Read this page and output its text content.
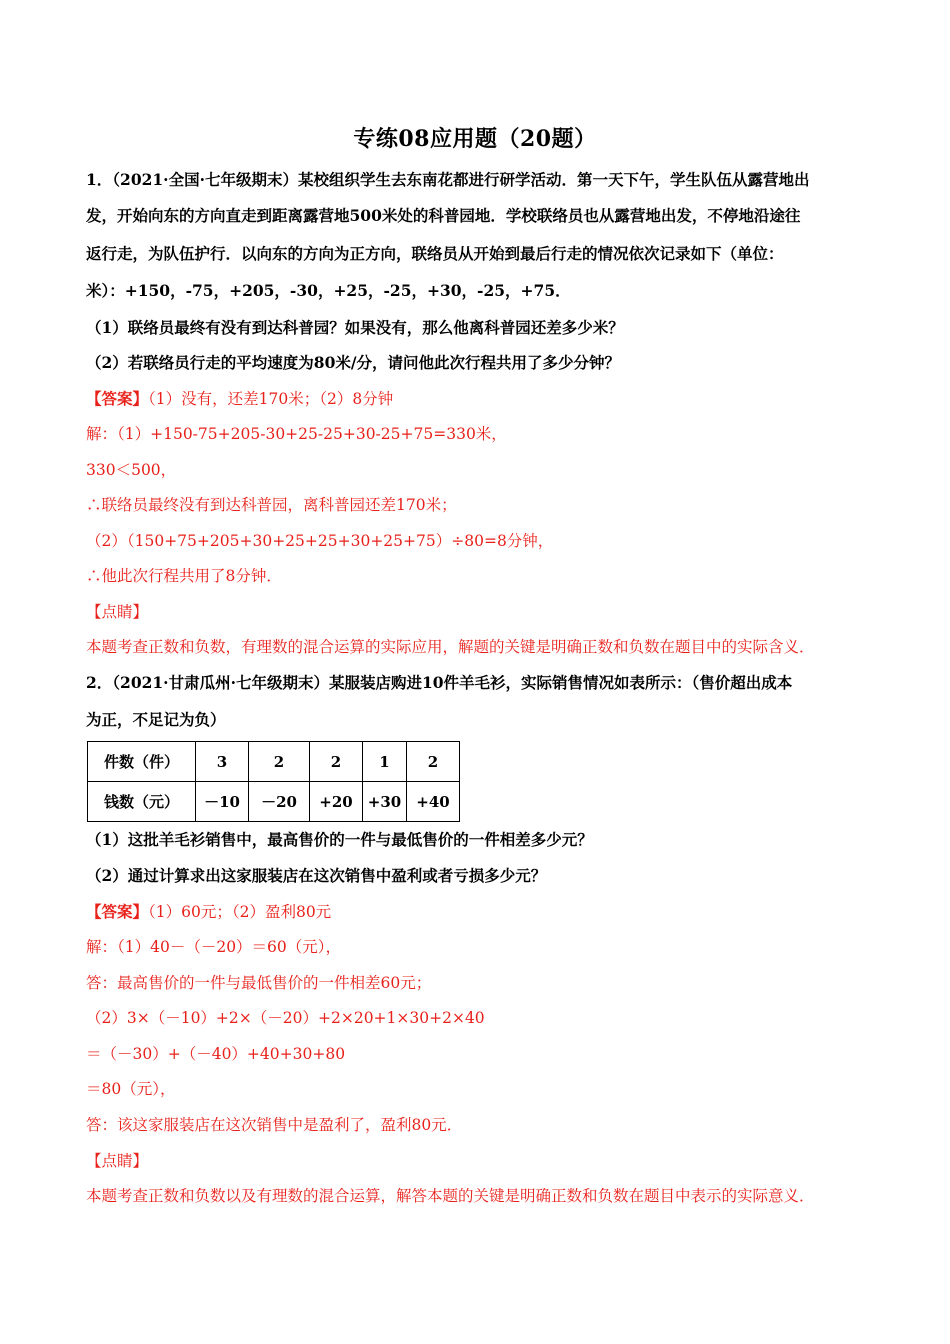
专练08应用题（20题）
1．（2021·全国·七年级期末）某校组织学生去东南花都进行研学活动．第一天下午，学生队伍从露营地出
发，开始向东的方向直走到距离露营地500米处的科普园地．学校联络员也从露营地出发，不停地沿途往
返行走，为队伍护行．以向东的方向为正方向，联络员从开始到最后行走的情况依次记录如下（单位：
米）：+150，-75，+205，-30，+25，-25，+30，-25，+75．
（1）联络员最终有没有到达科普园？如果没有，那么他离科普园还差多少米？
（2）若联络员行走的平均速度为80米/分，请问他此次行程共用了多少分钟？
【答案】（1）没有，还差170米；（2）8分钟
解：（1）+150-75+205-30+25-25+30-25+75=330米，
330＜500，
∴联络员最终没有到达科普园，离科普园还差170米；
（2）（150+75+205+30+25+25+30+25+75）÷80=8分钟，
∴他此次行程共用了8分钟．
【点睛】
本题考查正数和负数，有理数的混合运算的实际应用，解题的关键是明确正数和负数在题目中的实际含义．
2．（2021·甘肃瓜州·七年级期末）某服装店购进10件羊毛衫，实际销售情况如表所示：（售价超出成本
为正，不足记为负）
件数（件）	3	2	2	1	2
钱数（元）	－10	－20	+20	+30	+40
（1）这批羊毛衫销售中，最高售价的一件与最低售价的一件相差多少元？
（2）通过计算求出这家服装店在这次销售中盈利或者亏损多少元？
【答案】（1）60元；（2）盈利80元
解：（1）40－（－20）＝60（元），
答：最高售价的一件与最低售价的一件相差60元；
（2）3×（－10）+2×（－20）+2×20+1×30+2×40
＝（－30）+（－40）+40+30+80
＝80（元），
答：该这家服装店在这次销售中是盈利了，盈利80元．
【点睛】
本题考查正数和负数以及有理数的混合运算，解答本题的关键是明确正数和负数在题目中表示的实际意义．
